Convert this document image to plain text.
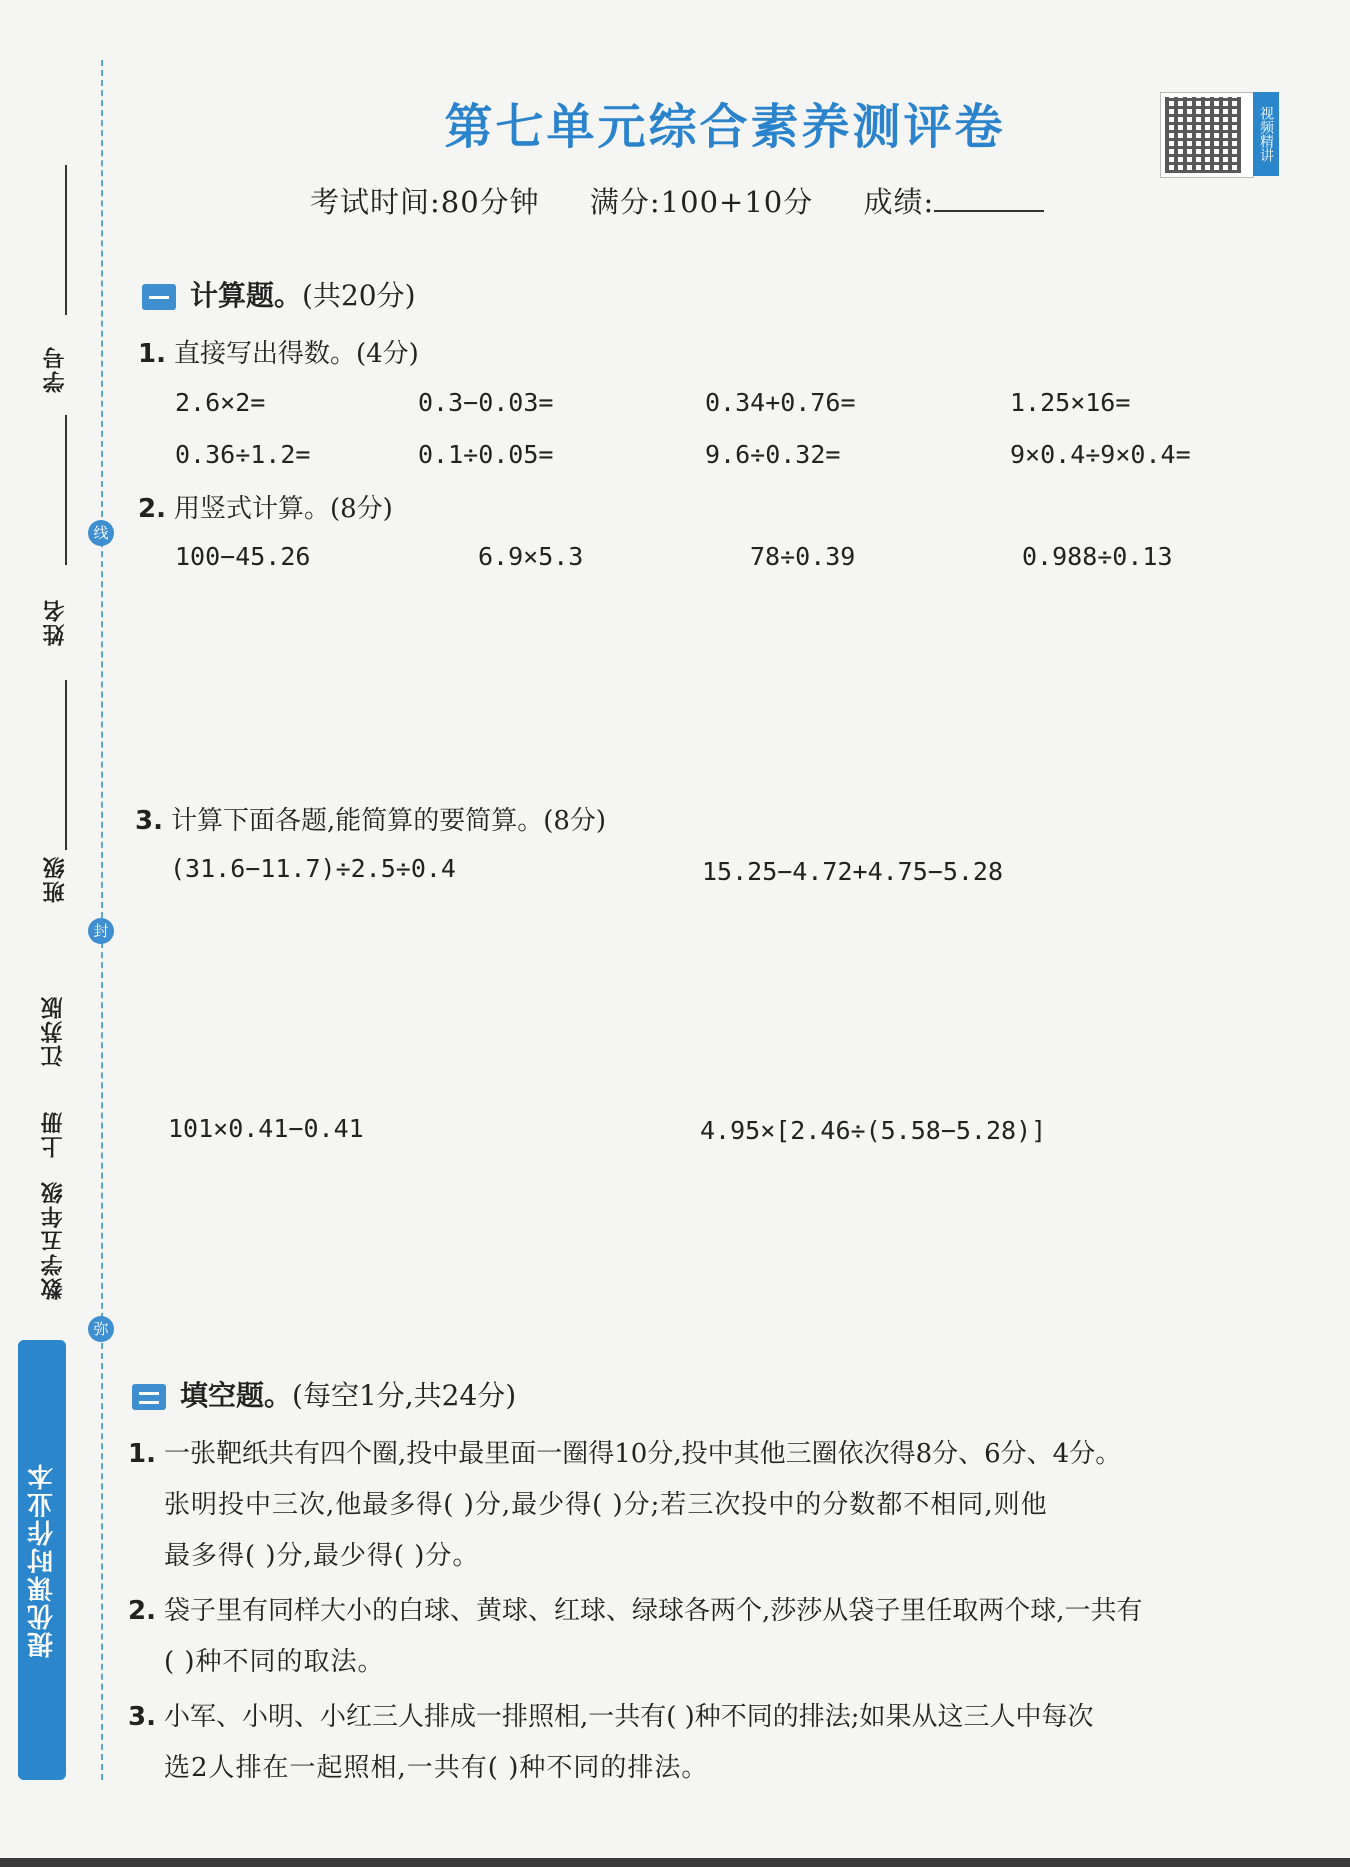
线
封
弥
学号
姓名
班级
江苏版
上册
数学五年级
提优课时作业本
第七单元综合素养测评卷	视频精讲
考试时间:80分钟 满分:100+10分 成绩:
计算题。(共20分)
1. 直接写出得数。(4分)
2.6×2=	0.3−0.03=	0.34+0.76=	1.25×16=
0.36÷1.2=	0.1÷0.05=	9.6÷0.32=	9×0.4÷9×0.4=
2. 用竖式计算。(8分)
100−45.26	6.9×5.3	78÷0.39	0.988÷0.13
3. 计算下面各题,能简算的要简算。(8分)
(31.6−11.7)÷2.5÷0.4	15.25−4.72+4.75−5.28
101×0.41−0.41	4.95×[2.46÷(5.58−5.28)]
填空题。(每空1分,共24分)
1. 一张靶纸共有四个圈,投中最里面一圈得10分,投中其他三圈依次得8分、6分、4分。
张明投中三次,他最多得( )分,最少得( )分;若三次投中的分数都不相同,则他
最多得( )分,最少得( )分。
2. 袋子里有同样大小的白球、黄球、红球、绿球各两个,莎莎从袋子里任取两个球,一共有
( )种不同的取法。
3. 小军、小明、小红三人排成一排照相,一共有( )种不同的排法;如果从这三人中每次
选2人排在一起照相,一共有( )种不同的排法。
